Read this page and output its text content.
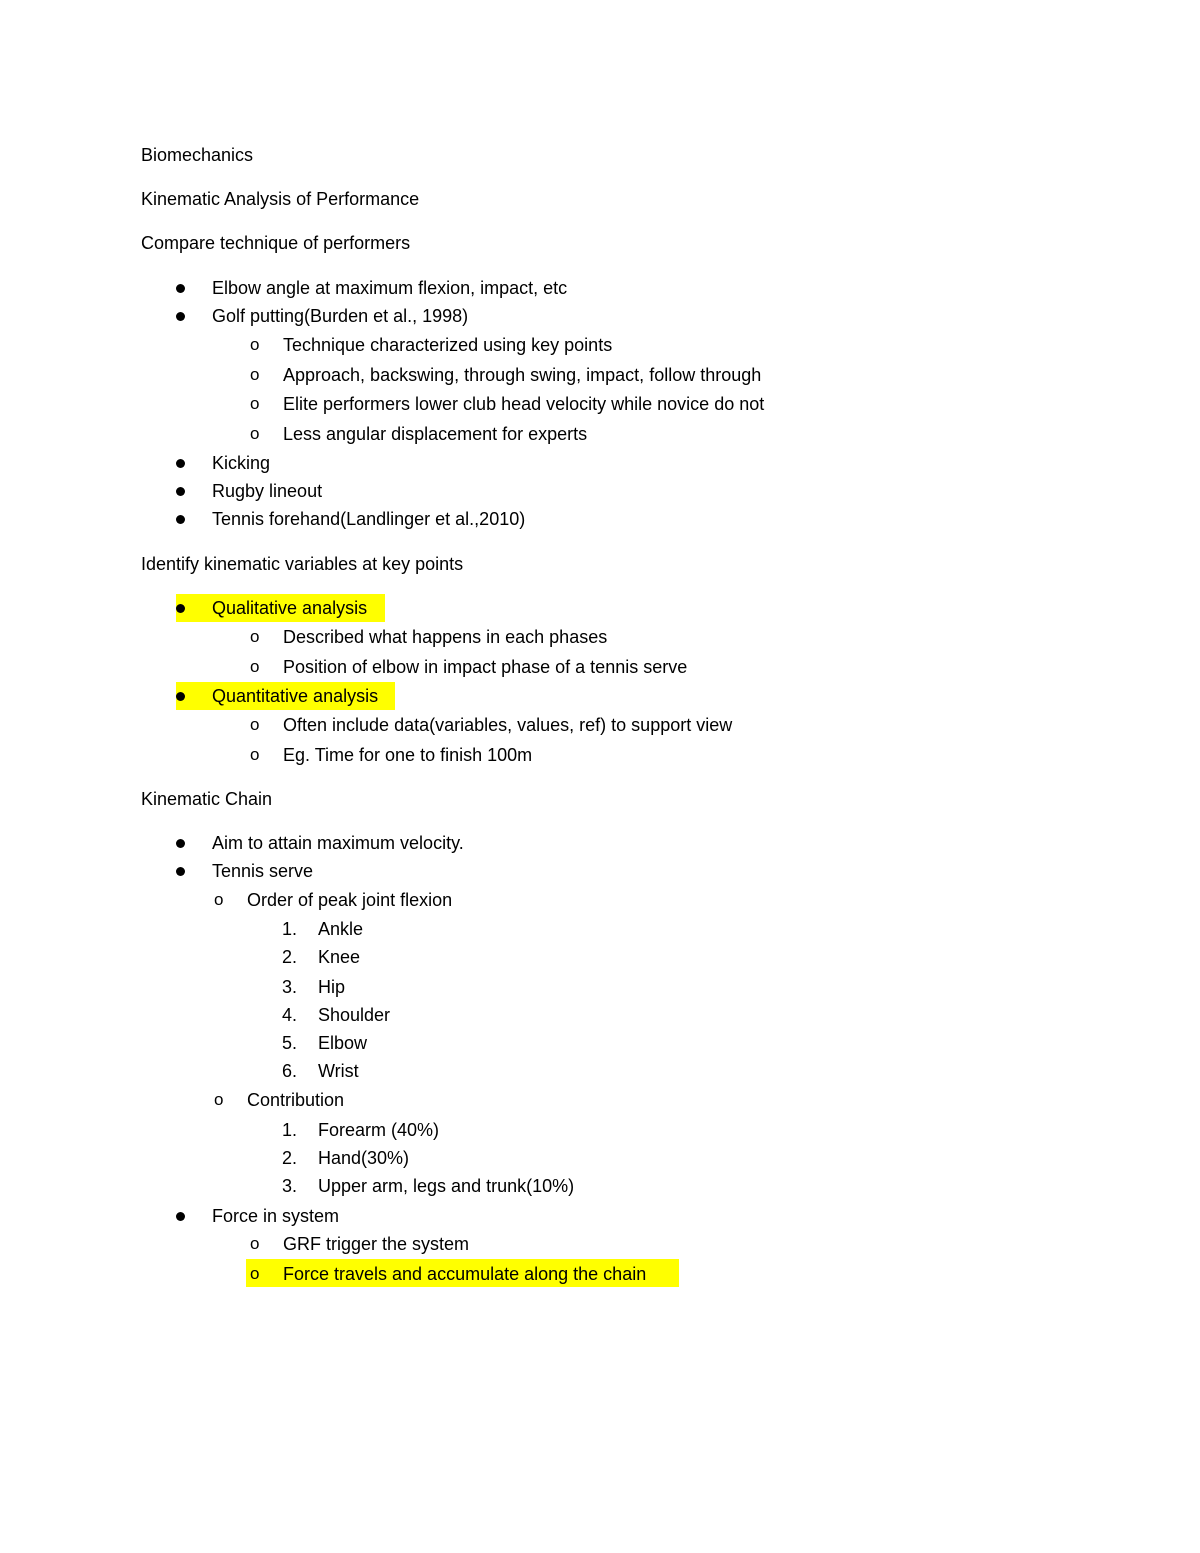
Biomechanics
Kinematic Analysis of Performance
Compare technique of performers
Elbow angle at maximum flexion, impact, etc
Golf putting(Burden et al., 1998)
o Technique characterized using key points
o Approach, backswing, through swing, impact, follow through
o Elite performers lower club head velocity while novice do not
o Less angular displacement for experts
Kicking
Rugby lineout
Tennis forehand(Landlinger et al.,2010)
Identify kinematic variables at key points
Qualitative analysis
o Described what happens in each phases
o Position of elbow in impact phase of a tennis serve
Quantitative analysis
o Often include data(variables, values, ref) to support view
o Eg. Time for one to finish 100m
Kinematic Chain
Aim to attain maximum velocity.
Tennis serve
o Order of peak joint flexion
1. Ankle
2. Knee
3. Hip
4. Shoulder
5. Elbow
6. Wrist
o Contribution
1. Forearm (40%)
2. Hand(30%)
3. Upper arm, legs and trunk(10%)
Force in system
o GRF trigger the system
o Force travels and accumulate along the chain
